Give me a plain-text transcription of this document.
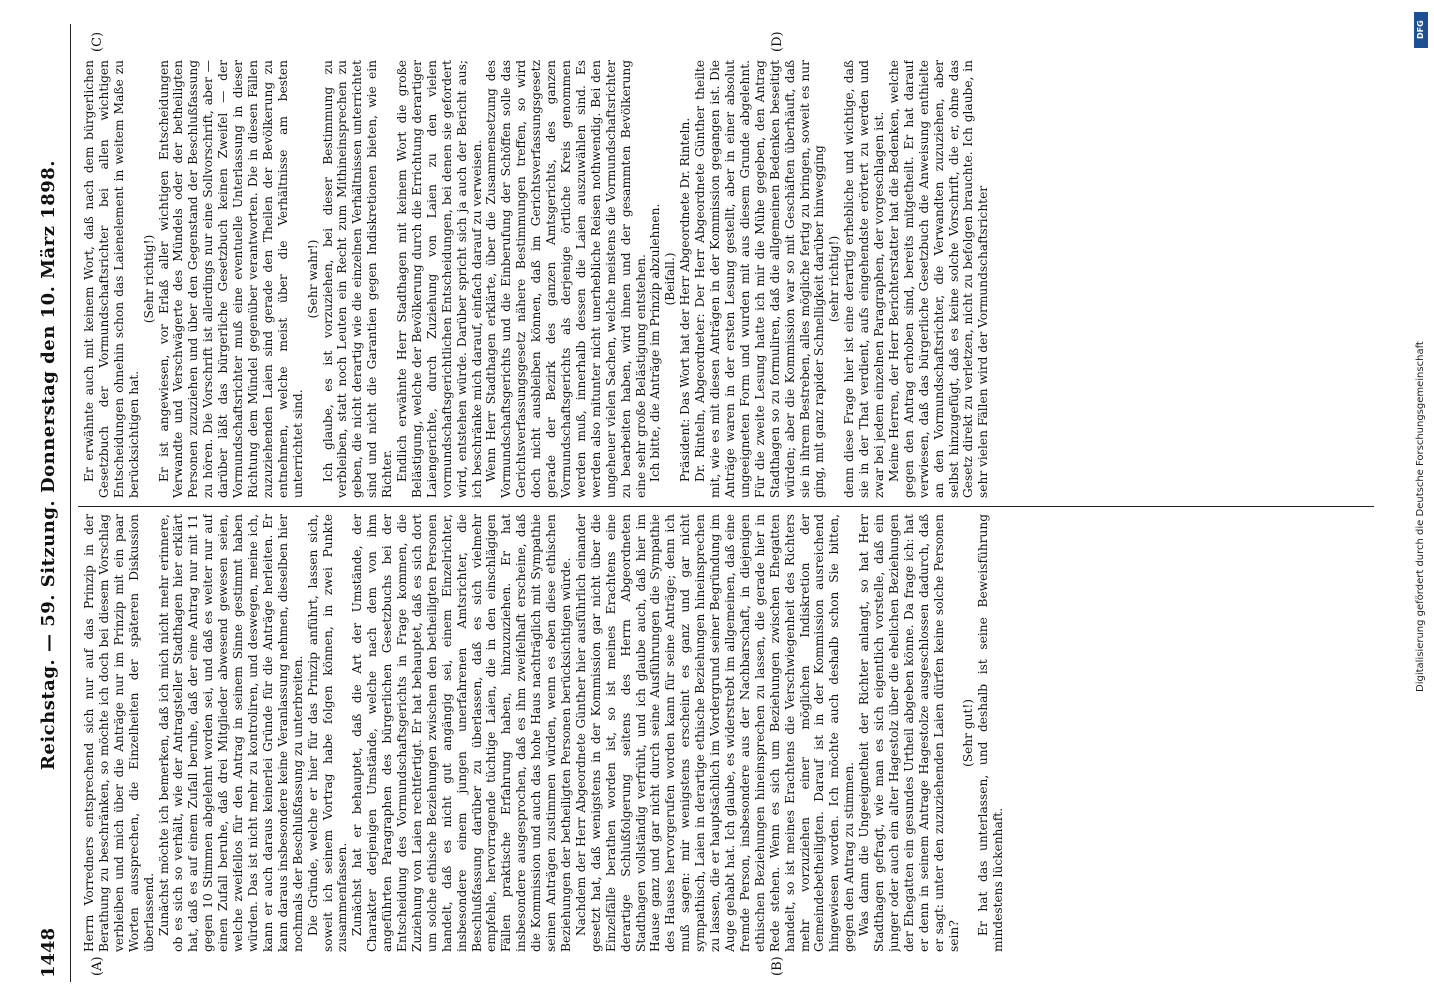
1448
Reichstag. — 59. Sitzung. Donnerstag den 10. März 1898.
(A)	(B)
(C)	(D)

Herrn Vorredners entsprechend sich nur auf das Prinzip in der Berathung zu beschränken, so möchte ich doch bei diesem Vorschlag verbleiben und mich über die Anträge nur im Prinzip mit ein paar Worten aussprechen, die Einzelheiten der späteren Diskussion überlassend. Zunächst möchte ich bemerken, daß ich mich nicht mehr erinnere, ob es sich so verhält, wie der Antragsteller Stadthagen hier erklärt hat, daß es auf einem Zufall beruhe, daß der eine Antrag nur mit 11 gegen 10 Stimmen abgelehnt worden sei, und daß es weiter nur auf einen Zufall beruhe, daß drei Mitglieder abwesend gewesen seien, welche zweifellos für den Antrag in seinem Sinne gestimmt haben würden. Das ist nicht mehr zu kontroliren, und deswegen, meine ich, kann er auch daraus keinerlei Gründe für die Anträge herleiten. Er kann daraus insbesondere keine Veranlassung nehmen, dieselben hier nochmals der Beschlußfassung zu unterbreiten. Die Gründe, welche er hier für das Prinzip anführt, lassen sich, soweit ich seinem Vortrag habe folgen können, in zwei Punkte zusammenfassen. Zunächst hat er behauptet, daß die Art der Umstände, der Charakter derjenigen Umstände, welche nach dem von ihm angeführten Paragraphen des bürgerlichen Gesetzbuchs bei der Entscheidung des Vormundschaftsgerichts in Frage kommen, die Zuziehung von Laien rechtfertigt. Er hat behauptet, daß es sich dort um solche ethische Beziehungen zwischen den betheiligten Personen handelt, daß es nicht gut angängig sei, einem Einzelrichter, insbesondere einem jungen unerfahrenen Amtsrichter, die Beschlußfassung darüber zu überlassen, daß es sich vielmehr empfehle, hervorragende tüchtige Laien, die in den einschlägigen Fällen praktische Erfahrung haben, hinzuzuziehen. Er hat insbesondere ausgesprochen, daß es ihm zweifelhaft erscheine, daß die Kommission und auch das hohe Haus nachträglich mit Sympathie seinen Anträgen zustimmen würden, wenn es eben diese ethischen Beziehungen der betheiligten Personen berücksichtigen würde. Nachdem der Herr Abgeordnete Günther hier ausführlich einander gesetzt hat, daß wenigstens in der Kommission gar nicht über die Einzelfälle berathen worden ist, so ist meines Erachtens eine derartige Schlußfolgerung seitens des Herrn Abgeordneten Stadthagen vollständig verfrüht, und ich glaube auch, daß hier im Hause ganz und gar nicht durch seine Ausführungen die Sympathie des Hauses hervorgerufen worden kann für seine Anträge; denn ich muß sagen: mir wenigstens erscheint es ganz und gar nicht sympathisch, Laien in derartige ethische Beziehungen hineinsprechen zu lassen, die er hauptsächlich im Vordergrund seiner Begründung im Auge gehabt hat. Ich glaube, es widerstrebt im allgemeinen, daß eine fremde Person, insbesondere aus der Nachbarschaft, in diejenigen ethischen Beziehungen hineinsprechen zu lassen, die gerade hier in Rede stehen. Wenn es sich um Beziehungen zwischen Ehegatten handelt, so ist meines Erachtens die Verschwiegenheit des Richters mehr vorzuziehen einer möglichen Indiskretion der Gemeindebetheiligten. Darauf ist in der Kommission ausreichend hingewiesen worden. Ich möchte auch deshalb schon Sie bitten, gegen den Antrag zu stimmen. Was dann die Ungeeignetheit der Richter anlangt, so hat Herr Stadthagen gefragt, wie man es sich eigentlich vorstelle, daß ein junger oder auch ein alter Hagestolz über die ehelichen Beziehungen der Ehegatten ein gesundes Urtheil abgeben könne. Da frage ich: hat er denn in seinem Antrage Hagestolze ausgeschlossen dadurch, daß er sagt: unter den zuzuziehenden Laien dürfen keine solche Personen sein?

(Sehr gut!) Er hat das unterlassen, und deshalb ist seine Beweisführung mindestens lückenhaft.

Er erwähnte auch mit keinem Wort, daß nach dem bürgerlichen Gesetzbuch der Vormundschaftsrichter bei allen wichtigen Entscheidungen ohnehin schon das Laienelement in weitem Maße zu berücksichtigen hat.

(Sehr richtig!) Er ist angewiesen, vor Erlaß aller wichtigen Entscheidungen Verwandte und Verschwägerte des Mündels oder der betheiligten Personen zuzuziehen und über den Gegenstand der Beschlußfassung zu hören. Die Vorschrift ist allerdings nur eine Sollvorschrift, aber — darüber läßt das bürgerliche Gesetzbuch keinen Zweifel — der Vormundschaftsrichter muß eine eventuelle Unterlassung in dieser Richtung dem Mündel gegenüber verantworten. Die in diesen Fällen zuzuziehenden Laien sind gerade den Theilen der Bevölkerung zu entnehmen, welche meist über die Verhältnisse am besten unterrichtet sind.

(Sehr wahr!) Ich glaube, es ist vorzuziehen, bei dieser Bestimmung zu verbleiben, statt noch Leuten ein Recht zum Mithineinsprechen zu geben, die nicht derartig wie die einzelnen Verhältnissen unterrichtet sind und nicht die Garantien gegen Indiskretionen bieten, wie ein Richter. Endlich erwähnte Herr Stadthagen mit keinem Wort die große Belästigung, welche der Bevölkerung durch die Errichtung derartiger Laiengerichte, durch Zuziehung von Laien zu den vielen vormundschaftsgerichtlichen Entscheidungen, bei denen sie gefordert wird, entstehen würde. Darüber spricht sich ja auch der Bericht aus; ich beschränke mich darauf, einfach darauf zu verweisen. Wenn Herr Stadthagen erklärte, über die Zusammensetzung des Vormundschaftsgerichts und die Einberufung der Schöffen solle das Gerichtsverfassungsgesetz nähere Bestimmungen treffen, so wird doch nicht ausbleiben können, daß im Gerichtsverfassungsgesetz gerade der Bezirk des ganzen Amtsgerichts, des ganzen Vormundschaftsgerichts als derjenige örtliche Kreis genommen werden muß, innerhalb dessen die Laien auszuwählen sind. Es werden also mitunter nicht unerhebliche Reisen nothwendig. Bei den ungeheuer vielen Sachen, welche meistens die Vormundschaftsrichter zu bearbeiten haben, wird ihnen und der gesammten Bevölkerung eine sehr große Belästigung entstehen. Ich bitte, die Anträge im Prinzip abzulehnen. (Beifall.) Präsident: Das Wort hat der Herr Abgeordnete Dr. Rinteln. Dr. Rinteln, Abgeordneter: Der Herr Abgeordnete Günther theilte mit, wie es mit diesen Anträgen in der Kommission gegangen ist. Die Anträge waren in der ersten Lesung gestellt, aber in einer absolut ungeeigneten Form und wurden mit aus diesem Grunde abgelehnt. Für die zweite Lesung hatte ich mir die Mühe gegeben, den Antrag Stadthagen so zu formuliren, daß die allgemeinen Bedenken beseitigt würden; aber die Kommission war so mit Geschäften überhäuft, daß sie in ihrem Bestreben, alles mögliche fertig zu bringen, soweit es nur ging, mit ganz rapider Schnelligkeit darüber hinwegging (sehr richtig!) denn diese Frage hier ist eine derartig erhebliche und wichtige, daß sie in der That verdient, aufs eingehendste erörtert zu werden und zwar bei jedem einzelnen Paragraphen, der vorgeschlagen ist. Meine Herren, der Herr Berichterstatter hat die Bedenken, welche gegen den Antrag erhoben sind, bereits mitgetheilt. Er hat darauf verwiesen, daß das bürgerliche Gesetzbuch die Anweisung enthielte an den Vormundschaftsrichter, die Verwandten zuzuziehen, aber selbst hinzugefügt, daß es keine solche Vorschrift, die er, ohne das Gesetz direkt zu verletzen, nicht zu befolgen brauchte. Ich glaube, in sehr vielen Fällen wird der Vormundschaftsrichter

DFG
Digitalisierung gefördert durch die Deutsche Forschungsgemeinschaft
